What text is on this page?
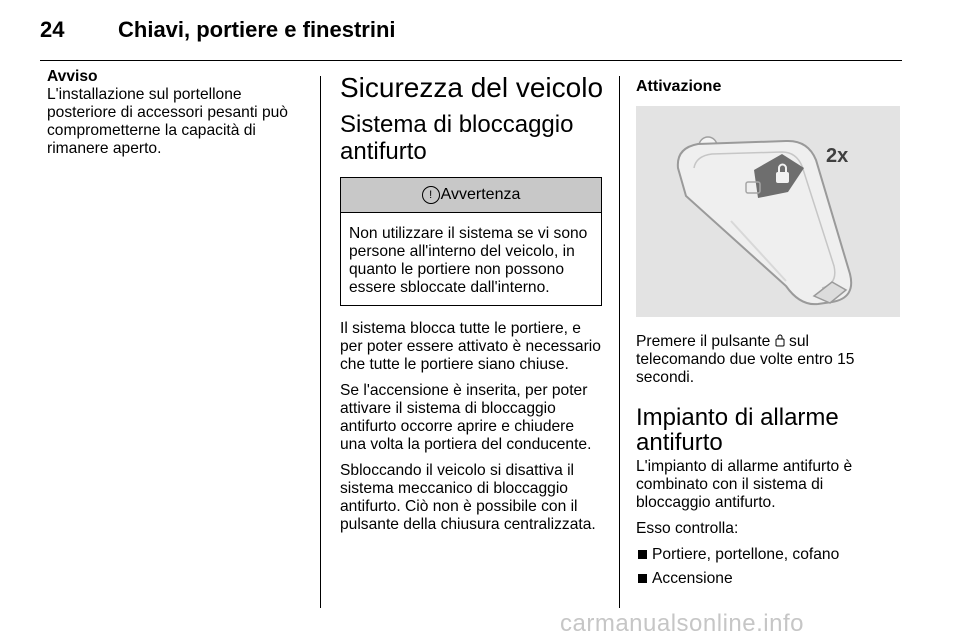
24 Chiavi, portiere e finestrini
Avviso

L'installazione sul portellone posteriore di accessori pesanti può comprometterne la capacità di rimanere aperto.

Sicurezza del veicolo
Sistema di bloccaggio antifurto
! Avvertenza
Non utilizzare il sistema se vi sono persone all'interno del veicolo, in quanto le portiere non possono essere sbloccate dall'interno.

Il sistema blocca tutte le portiere, e per poter essere attivato è necessario che tutte le portiere siano chiuse.

Se l'accensione è inserita, per poter attivare il sistema di bloccaggio antifurto occorre aprire e chiudere una volta la portiera del conducente.

Sbloccando il veicolo si disattiva il sistema meccanico di bloccaggio antifurto. Ciò non è possibile con il pulsante della chiusura centralizzata.

Attivazione
2x

Premere il pulsante  sul telecomando due volte entro 15 secondi.

Impianto di allarme antifurto

L'impianto di allarme antifurto è combinato con il sistema di bloccaggio antifurto.

Esso controlla:

Portiere, portellone, cofano
Accensione
carmanualsonline.info
